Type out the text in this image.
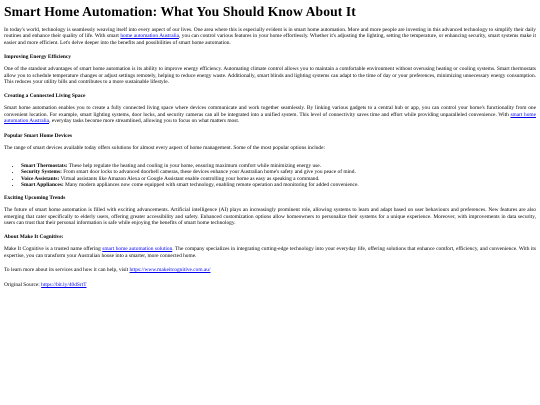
Smart Home Automation: What You Should Know About It

In today's world, technology is seamlessly weaving itself into every aspect of our lives. One area where this is especially evident is in smart home automation. More and more people are investing in this advanced technology to simplify their daily routines and enhance their quality of life. With smart home automation Australia, you can control various features in your home effortlessly. Whether it's adjusting the lighting, setting the temperature, or enhancing security, smart systems make it easier and more efficient. Let's delve deeper into the benefits and possibilities of smart home automation.

Improving Energy Efficiency

One of the standout advantages of smart home automation is its ability to improve energy efficiency. Automating climate control allows you to maintain a comfortable environment without overusing heating or cooling systems. Smart thermostats allow you to schedule temperature changes or adjust settings remotely, helping to reduce energy waste. Additionally, smart blinds and lighting systems can adapt to the time of day or your preferences, minimizing unnecessary energy consumption. This reduces your utility bills and contributes to a more sustainable lifestyle.

Creating a Connected Living Space

Smart home automation enables you to create a fully connected living space where devices communicate and work together seamlessly. By linking various gadgets to a central hub or app, you can control your home's functionality from one convenient location. For example, smart lighting systems, door locks, and security cameras can all be integrated into a unified system. This level of connectivity saves time and effort while providing unparalleled convenience. With smart home automation Australia, everyday tasks become more streamlined, allowing you to focus on what matters most.

Popular Smart Home Devices

The range of smart devices available today offers solutions for almost every aspect of home management. Some of the most popular options include:

• Smart Thermostats: These help regulate the heating and cooling in your home, ensuring maximum comfort while minimizing energy use.
• Security Systems: From smart door locks to advanced doorbell cameras, these devices enhance your Australian home's safety and give you peace of mind.
• Voice Assistants: Virtual assistants like Amazon Alexa or Google Assistant enable controlling your home as easy as speaking a command.
• Smart Appliances: Many modern appliances now come equipped with smart technology, enabling remote operation and monitoring for added convenience.
Exciting Upcoming Trends

The future of smart home automation is filled with exciting advancements. Artificial intelligence (AI) plays an increasingly prominent role, allowing systems to learn and adapt based on user behaviours and preferences. New features are also emerging that cater specifically to elderly users, offering greater accessibility and safety. Enhanced customization options allow homeowners to personalize their systems for a unique experience. Moreover, with improvements in data security, users can trust that their personal information is safe while enjoying the benefits of smart home technology.

About Make It Cognitive:

Make It Cognitive is a trusted name offering smart home automation solution. The company specializes in integrating cutting-edge technology into your everyday life, offering solutions that enhance comfort, efficiency, and convenience. With its expertise, you can transform your Australian house into a smarter, more connected home.

To learn more about its services and how it can help, visit https://www.makeitcognitive.com.au/

Original Source: https://bit.ly/40dSrtT
